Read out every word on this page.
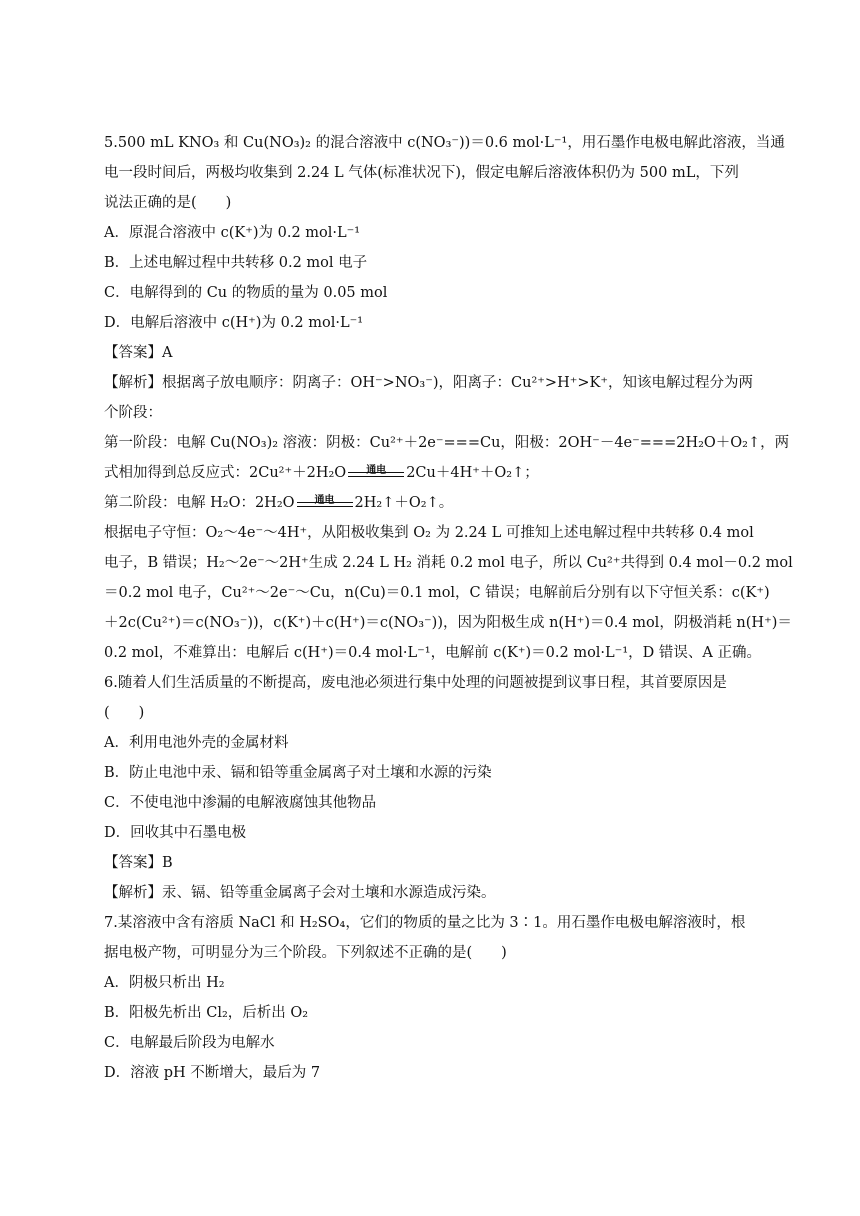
5.500 mL KNO₃ 和 Cu(NO₃)₂ 的混合溶液中 c(NO₃⁻))＝0.6 mol·L⁻¹，用石墨作电极电解此溶液，当通
电一段时间后，两极均收集到 2.24 L 气体(标准状况下)，假定电解后溶液体积仍为 500 mL，下列
说法正确的是(　　)
A．原混合溶液中 c(K⁺)为 0.2 mol·L⁻¹
B．上述电解过程中共转移 0.2 mol 电子
C．电解得到的 Cu 的物质的量为 0.05 mol
D．电解后溶液中 c(H⁺)为 0.2 mol·L⁻¹
【答案】A
【解析】根据离子放电顺序：阴离子：OH⁻>NO₃⁻)，阳离子：Cu²⁺>H⁺>K⁺，知该电解过程分为两
个阶段：
第一阶段：电解 Cu(NO₃)₂ 溶液：阴极：Cu²⁺＋2e⁻===Cu，阳极：2OH⁻－4e⁻===2H₂O＋O₂↑，两
式相加得到总反应式：2Cu²⁺＋2H₂O	通电	2Cu＋4H⁺＋O₂↑；
第二阶段：电解 H₂O：2H₂O	通电	2H₂↑＋O₂↑。
根据电子守恒：O₂～4e⁻～4H⁺，从阳极收集到 O₂ 为 2.24 L 可推知上述电解过程中共转移 0.4 mol
电子，B 错误；H₂～2e⁻～2H⁺生成 2.24 L H₂ 消耗 0.2 mol 电子，所以 Cu²⁺共得到 0.4 mol－0.2 mol
＝0.2 mol 电子，Cu²⁺～2e⁻～Cu，n(Cu)＝0.1 mol，C 错误；电解前后分别有以下守恒关系：c(K⁺)
＋2c(Cu²⁺)＝c(NO₃⁻))，c(K⁺)＋c(H⁺)＝c(NO₃⁻))，因为阳极生成 n(H⁺)＝0.4 mol，阴极消耗 n(H⁺)＝
0.2 mol，不难算出：电解后 c(H⁺)＝0.4 mol·L⁻¹，电解前 c(K⁺)＝0.2 mol·L⁻¹，D 错误、A 正确。
6.随着人们生活质量的不断提高，废电池必须进行集中处理的问题被提到议事日程，其首要原因是
(　　)
A．利用电池外壳的金属材料
B．防止电池中汞、镉和铅等重金属离子对土壤和水源的污染
C．不使电池中渗漏的电解液腐蚀其他物品
D．回收其中石墨电极
【答案】B
【解析】汞、镉、铅等重金属离子会对土壤和水源造成污染。
7.某溶液中含有溶质 NaCl 和 H₂SO₄，它们的物质的量之比为 3∶1。用石墨作电极电解溶液时，根
据电极产物，可明显分为三个阶段。下列叙述不正确的是(　　)
A．阴极只析出 H₂
B．阳极先析出 Cl₂，后析出 O₂
C．电解最后阶段为电解水
D．溶液 pH 不断增大，最后为 7
